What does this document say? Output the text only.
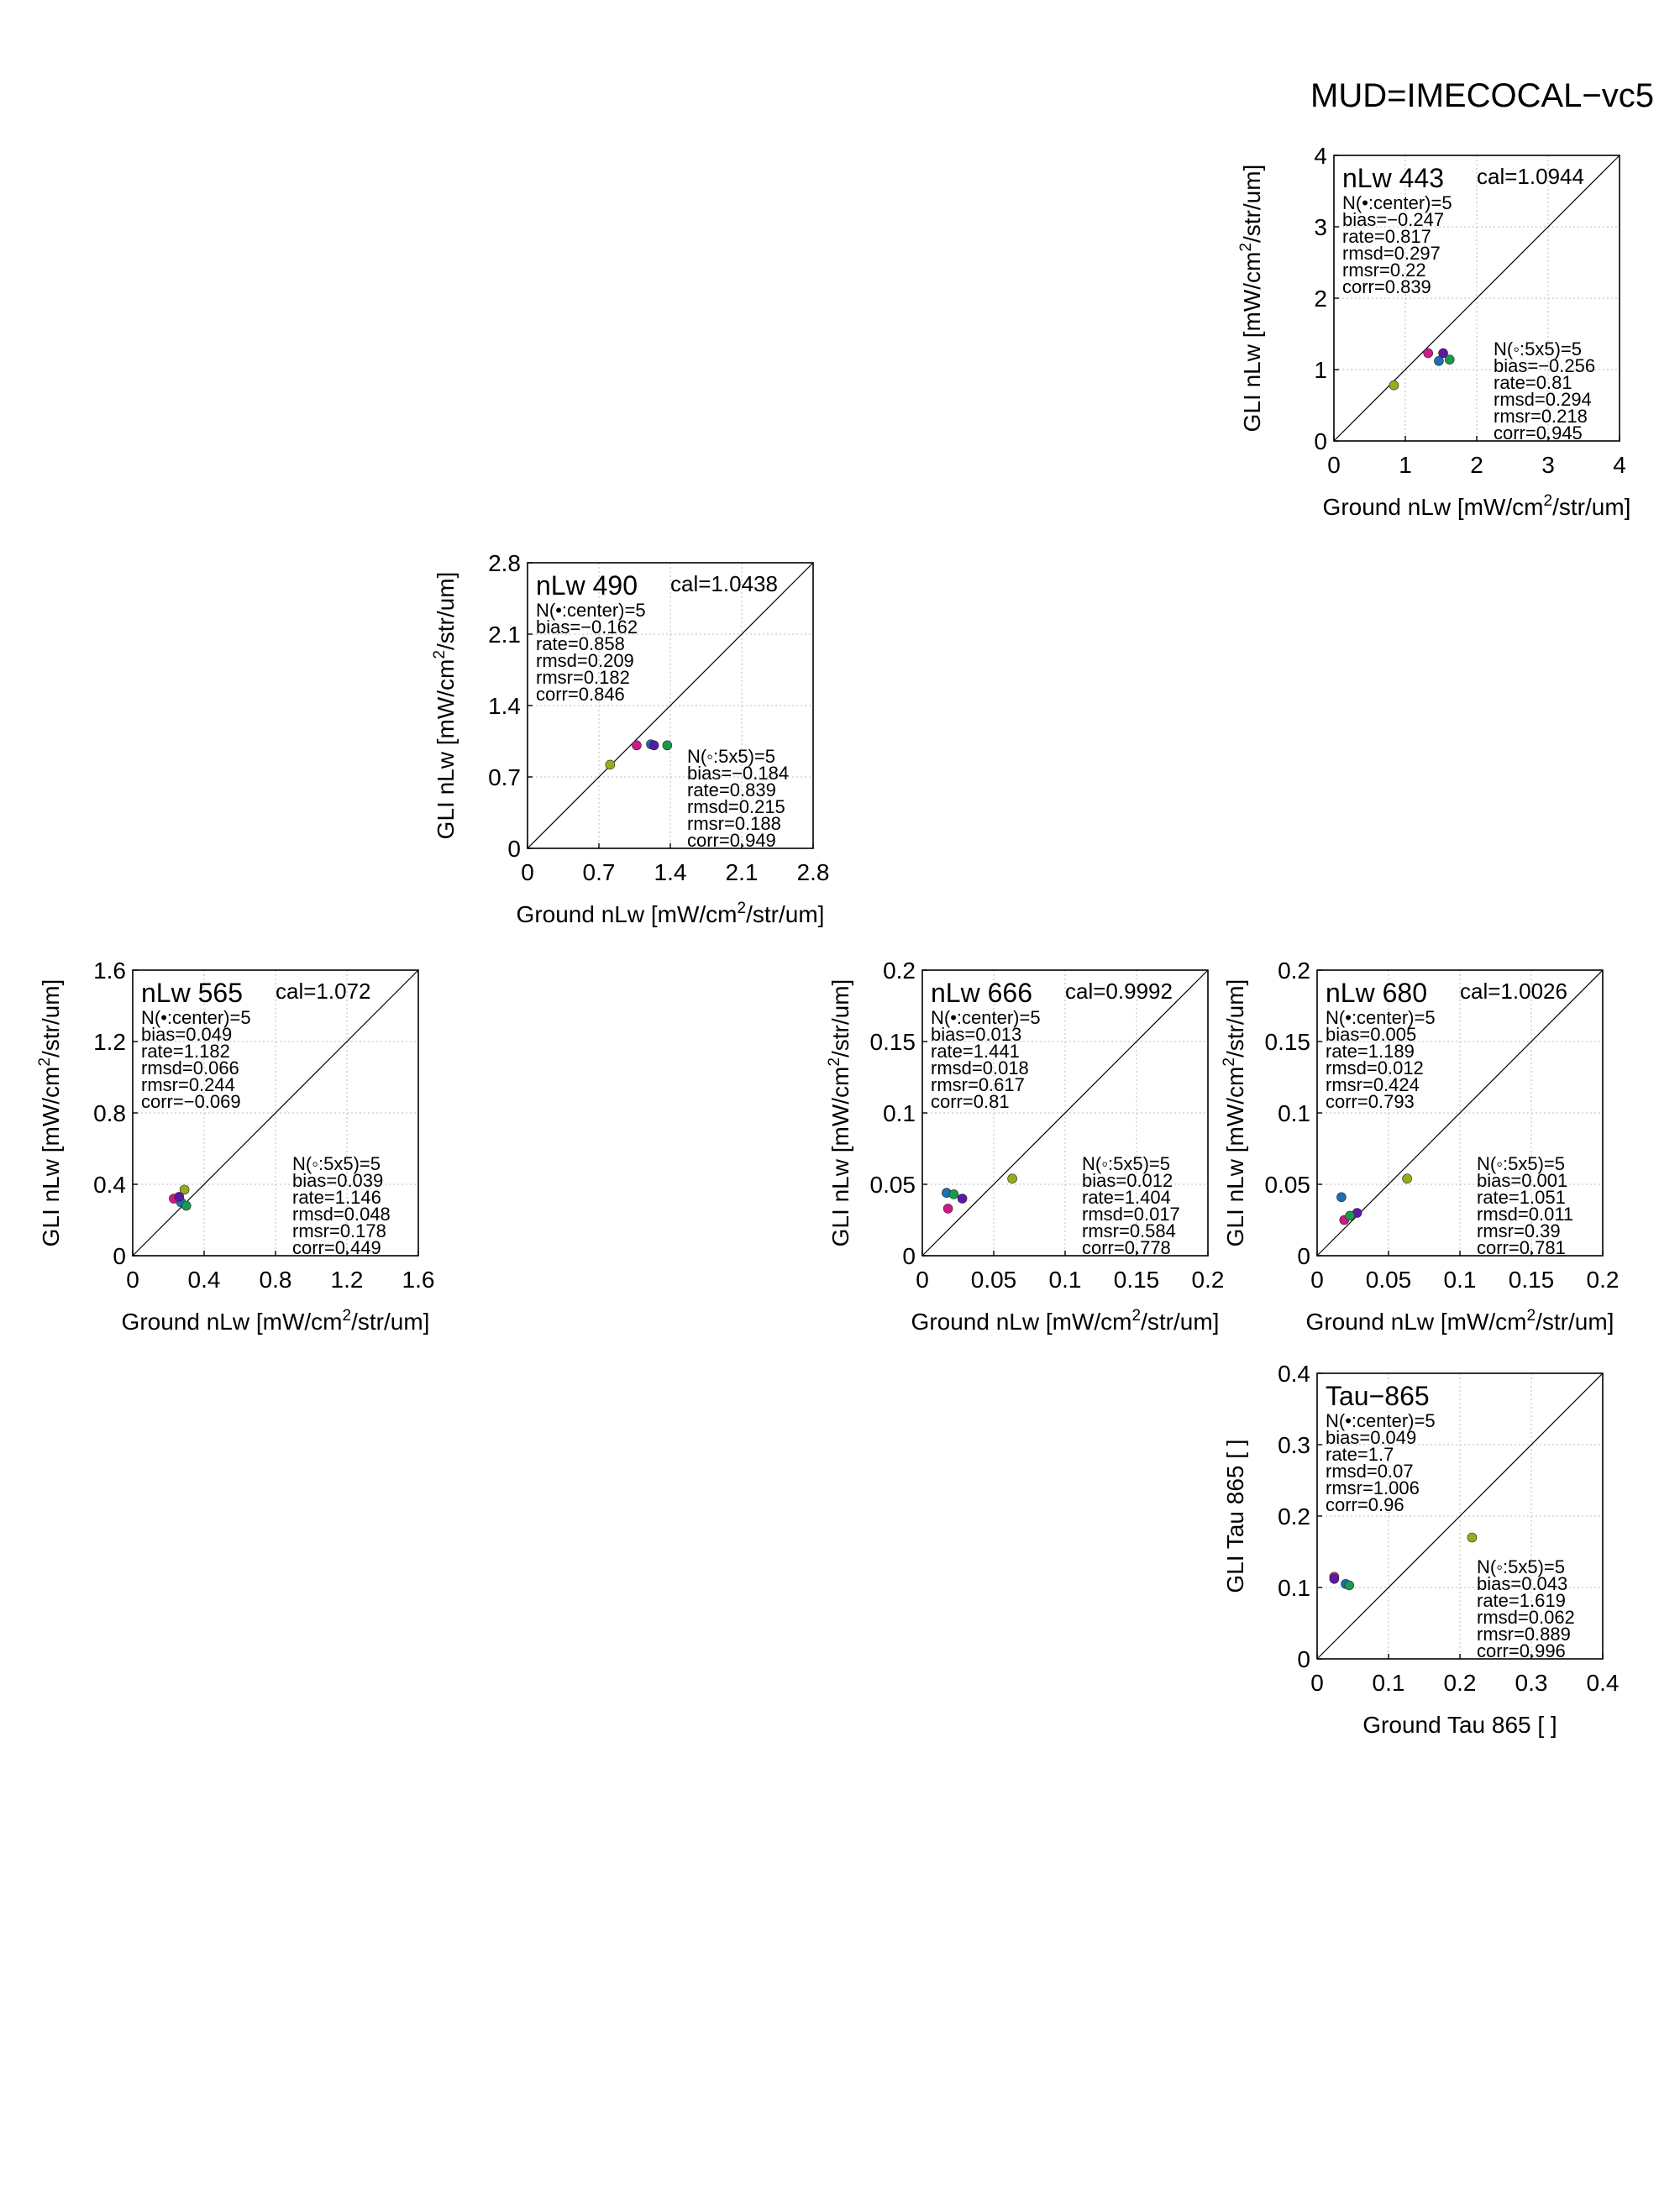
MUD=IMECOCAL−vc5
0
0
1
1
2
2
3
3
4
4
Ground nLw $[mW/cm^2/str/um]$
GLI nLw $[mW/cm^2/str/um]$	nLw 443 cal=1.0944
N(•:center)=5
N(◦:5x5)=5
bias=−0.247
bias=−0.256
rate=0.817
rate=0.81
rmsd=0.297
rmsd=0.294
rmsr=0.22
rmsr=0.218
corr=0.839
corr=0.945
0
0
0.7
0.7
1.4
1.4
2.1
2.1
2.8
2.8
Ground nLw $[mW/cm^2/str/um]$
GLI nLw $[mW/cm^2/str/um]$	nLw 490 cal=1.0438
N(•:center)=5
N(◦:5x5)=5
bias=−0.162
bias=−0.184
rate=0.858
rate=0.839
rmsd=0.209
rmsd=0.215
rmsr=0.182
rmsr=0.188
corr=0.846
corr=0.949
0
0
0.4
0.4
0.8
0.8
1.2
1.2
1.6
1.6
Ground nLw $[mW/cm^2/str/um]$
GLI nLw $[mW/cm^2/str/um]$	nLw 565 cal=1.072
N(•:center)=5
N(◦:5x5)=5
bias=0.049
bias=0.039
rate=1.182
rate=1.146
rmsd=0.066
rmsd=0.048
rmsr=0.244
rmsr=0.178
corr=−0.069
corr=0.449
0
0
0.05
0.05
0.1
0.1
0.15
0.15
0.2
0.2
Ground nLw $[mW/cm^2/str/um]$
GLI nLw $[mW/cm^2/str/um]$	nLw 666 cal=0.9992
N(•:center)=5
N(◦:5x5)=5
bias=0.013
bias=0.012
rate=1.441
rate=1.404
rmsd=0.018
rmsd=0.017
rmsr=0.617
rmsr=0.584
corr=0.81
corr=0.778
0
0
0.05
0.05
0.1
0.1
0.15
0.15
0.2
0.2
Ground nLw $[mW/cm^2/str/um]$
GLI nLw $[mW/cm^2/str/um]$	nLw 680 cal=1.0026
N(•:center)=5
N(◦:5x5)=5
bias=0.005
bias=0.001
rate=1.189
rate=1.051
rmsd=0.012
rmsd=0.011
rmsr=0.424
rmsr=0.39
corr=0.793
corr=0.781
0
0
0.1
0.1
0.2
0.2
0.3
0.3
0.4
0.4
Ground Tau 865 [ ]
GLI Tau 865 [ ]
Tau−865
N(•:center)=5
N(◦:5x5)=5
bias=0.049
bias=0.043
rate=1.7
rate=1.619
rmsd=0.07
rmsd=0.062
rmsr=1.006
rmsr=0.889
corr=0.96
corr=0.996
